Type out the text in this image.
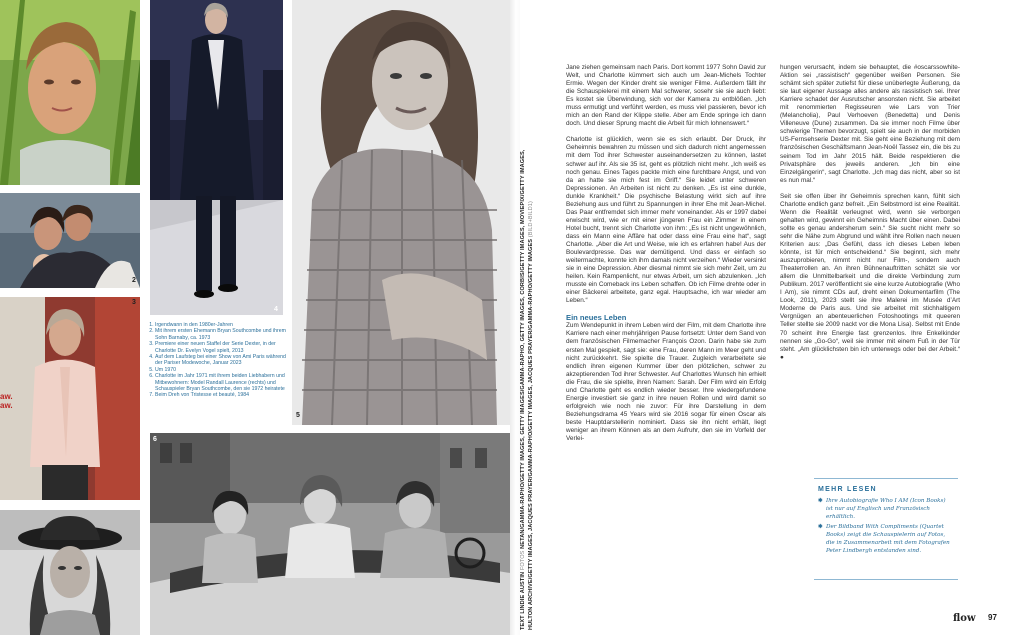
2
aw.
aw.
3
4
1. Irgendwann in den 1980er-Jahren
2. Mit ihrem ersten Ehemann Bryan Southcombe und ihrem Sohn Barnaby, ca. 1973
3. Premiere einer neuen Staffel der Serie Dexter, in der Charlotte Dr. Evelyn Vogel spielt, 2013
4. Auf dem Laufsteg bei einer Show von Ami Paris während der Pariser Modewoche, Januar 2023
5. Um 1970
6. Charlotte im Jahr 1971 mit ihrem beiden Liebhabern und Mitbewohnern: Model Randall Laurence (rechts) und Schauspieler Bryan Southcombe, den sie 1972 heiratete
7. Beim Dreh von Tristesse et beauté, 1984
5
6
TEXT LINDIE AUSTIN FOTOS NETAN/GAMMA-RAPHO/GETTY IMAGES, GETTY IMAGES/GAMMA-RAPHO, GETTY IMAGES, CORBIS/GETTY IMAGES, MOVIEPIX/GETTY IMAGES, HULTON ARCHIVE/GETTY IMAGES, JACQUES PRAYER/GAMMA-RAPHO/GETTY IMAGES, JACQUES PRAYER/GAMMA-RAPHO/GETTY IMAGES (BILD+BILD1)

Jane ziehen gemeinsam nach Paris. Dort kommt 1977 Sohn David zur Welt, und Charlotte kümmert sich auch um Jean-Michels Tochter Ermie. Wegen der Kinder dreht sie weniger Filme. Außerdem fällt ihr die Schauspielerei mit einem Mal schwerer, sosehr sie sie auch liebt: Es kostet sie Überwindung, sich vor der Kamera zu entblößen. „Ich muss ermutigt und verführt werden, es muss viel passieren, bevor ich mich an den Rand der Klippe stelle. Aber am Ende springe ich dann doch. Und dieser Sprung macht die Arbeit für mich lohnenswert.“

Charlotte ist glücklich, wenn sie es sich erlaubt. Der Druck, ihr Geheimnis bewahren zu müssen und sich dadurch nicht angemessen mit dem Tod ihrer Schwester auseinandersetzen zu können, lastet schwer auf ihr. Als sie 35 ist, geht es plötzlich nicht mehr. „Ich weiß es noch genau. Eines Tages packte mich eine furchtbare Angst, und von da an hatte sie mich fest im Griff.“ Sie leidet unter schweren Depressionen. An Arbeiten ist nicht zu denken. „Es ist eine dunkle, dunkle Krankheit.“ Die psychische Belastung wirkt sich auf ihre Beziehung aus und führt zu Spannungen in ihrer Ehe mit Jean-Michel. Das Paar entfremdet sich immer mehr voneinander. Als er 1997 dabei erwischt wird, wie er mit einer jüngeren Frau ein Zimmer in einem Hotel bucht, trennt sich Charlotte von ihm: „Es ist nicht ungewöhnlich, dass ein Mann eine Affäre hat oder dass eine Frau eine hat“, sagt Charlotte. „Aber die Art und Weise, wie ich es erfahren habe! Aus der Boulevardpresse. Das war demütigend. Und dass er einfach so weitermachte, konnte ich ihm damals nicht verzeihen.“ Wieder versinkt sie in eine Depression. Aber diesmal nimmt sie sich mehr Zeit, um zu heilen. Kein Rampenlicht, nur etwas Arbeit, um sich abzulenken. „Ich musste ein Comeback ins Leben schaffen. Ob ich Filme drehte oder in einer Bäckerei arbeitete, ganz egal. Hauptsache, ich war wieder am Leben.“

Ein neues Leben

Zum Wendepunkt in ihrem Leben wird der Film, mit dem Charlotte ihre Karriere nach einer mehrjährigen Pause fortsetzt: Unter dem Sand von dem französischen Filmemacher François Ozon. Darin habe sie zum ersten Mal gespielt, sagt sie: eine Frau, deren Mann im Meer geht und nicht zurückkehrt. Sie spielte die Trauer. Zugleich verarbeitete sie endlich ihren eigenen Kummer über den plötzlichen, schwer zu akzeptierenden Tod ihrer Schwester. Auf Charlottes Wunsch hin erhielt die Frau, die sie spielte, ihren Namen: Sarah. Der Film wird ein Erfolg und Charlotte geht es endlich wieder besser. Ihre wiedergefundene Energie investiert sie ganz in ihre neuen Rollen und wird damit so erfolgreich wie noch nie zuvor: Für ihre Darstellung in dem Beziehungsdrama 45 Years wird sie 2016 sogar für einen Oscar als beste Hauptdarstellerin nominiert. Dass sie ihn nicht erhält, liegt weniger an ihrem Können als an dem Aufruhr, den sie im Vorfeld der Verlei-

hungen verursacht, indem sie behauptet, die #oscarssowhite-Aktion sei „rassistisch“ gegenüber weißen Personen. Sie schämt sich später zutiefst für diese unüberlegte Äußerung, da sie laut eigener Aussage alles andere als rassistisch sei. Ihrer Karriere schadet der Ausrutscher ansonsten nicht. Sie arbeitet mit renommierten Regisseuren wie Lars von Trier (Melancholia), Paul Verhoeven (Benedetta) und Denis Villeneuve (Dune) zusammen. Da sie immer noch Filme über schwierige Themen bevorzugt, spielt sie auch in der morbiden US-Fernsehserie Dexter mit. Sie geht eine Beziehung mit dem französischen Geschäftsmann Jean-Noël Tassez ein, die bis zu seinem Tod im Jahr 2015 hält. Beide respektieren die Privatsphäre des jeweils anderen. „Ich bin eine Einzelgängerin“, sagt Charlotte. „Ich mag das nicht, aber so ist es nun mal.“

Seit sie offen über ihr Geheimnis sprechen kann, fühlt sich Charlotte endlich ganz befreit. „Ein Selbstmord ist eine Realität. Wenn die Realität verleugnet wird, wenn sie verborgen gehalten wird, gewinnt ein Geheimnis Macht über einen. Dabei sollte es genau andersherum sein.“ Sie sucht nicht mehr so sehr die Nähe zum Abgrund und wählt ihre Rollen nach neuen Kriterien aus: „Das Gefühl, dass ich dieses Leben leben könnte, ist für mich entscheidend.“ Sie beginnt, sich mehr auszuprobieren, nimmt nicht nur Film-, sondern auch Theaterrollen an. An ihren Bühnenauftritten schätzt sie vor allem die Unmittelbarkeit und die direkte Verbindung zum Publikum. 2017 veröffentlicht sie eine kurze Autobiografie (Who I Am), sie nimmt CDs auf, dreht einen Dokumentarfilm (The Look, 2011), 2023 stellt sie ihre Malerei im Musée d’Art Moderne de Paris aus. Und sie arbeitet mit stichhaltigem Vergnügen an abenteuerlichen Fotoshootings mit queeren Teller stellte sie 2009 nackt vor die Mona Lisa). Selbst mit Ende 70 scheint ihre Energie fast grenzenlos. Ihre Enkelkinder nennen sie „Go-Go“, weil sie immer mit einem Fuß in der Tür steht. „Am glücklichsten bin ich unterwegs oder bei der Arbeit.“ ●

MEHR LESEN
✱ Ihre Autobiografie Who I AM (Icon Books) ist nur auf Englisch und Französisch erhältlich.
✱ Der Bildband With Compliments (Quartet Books) zeigt die Schauspielerin auf Fotos, die in Zusammenarbeit mit dem Fotografen Peter Lindbergh entstanden sind.
flow 97
